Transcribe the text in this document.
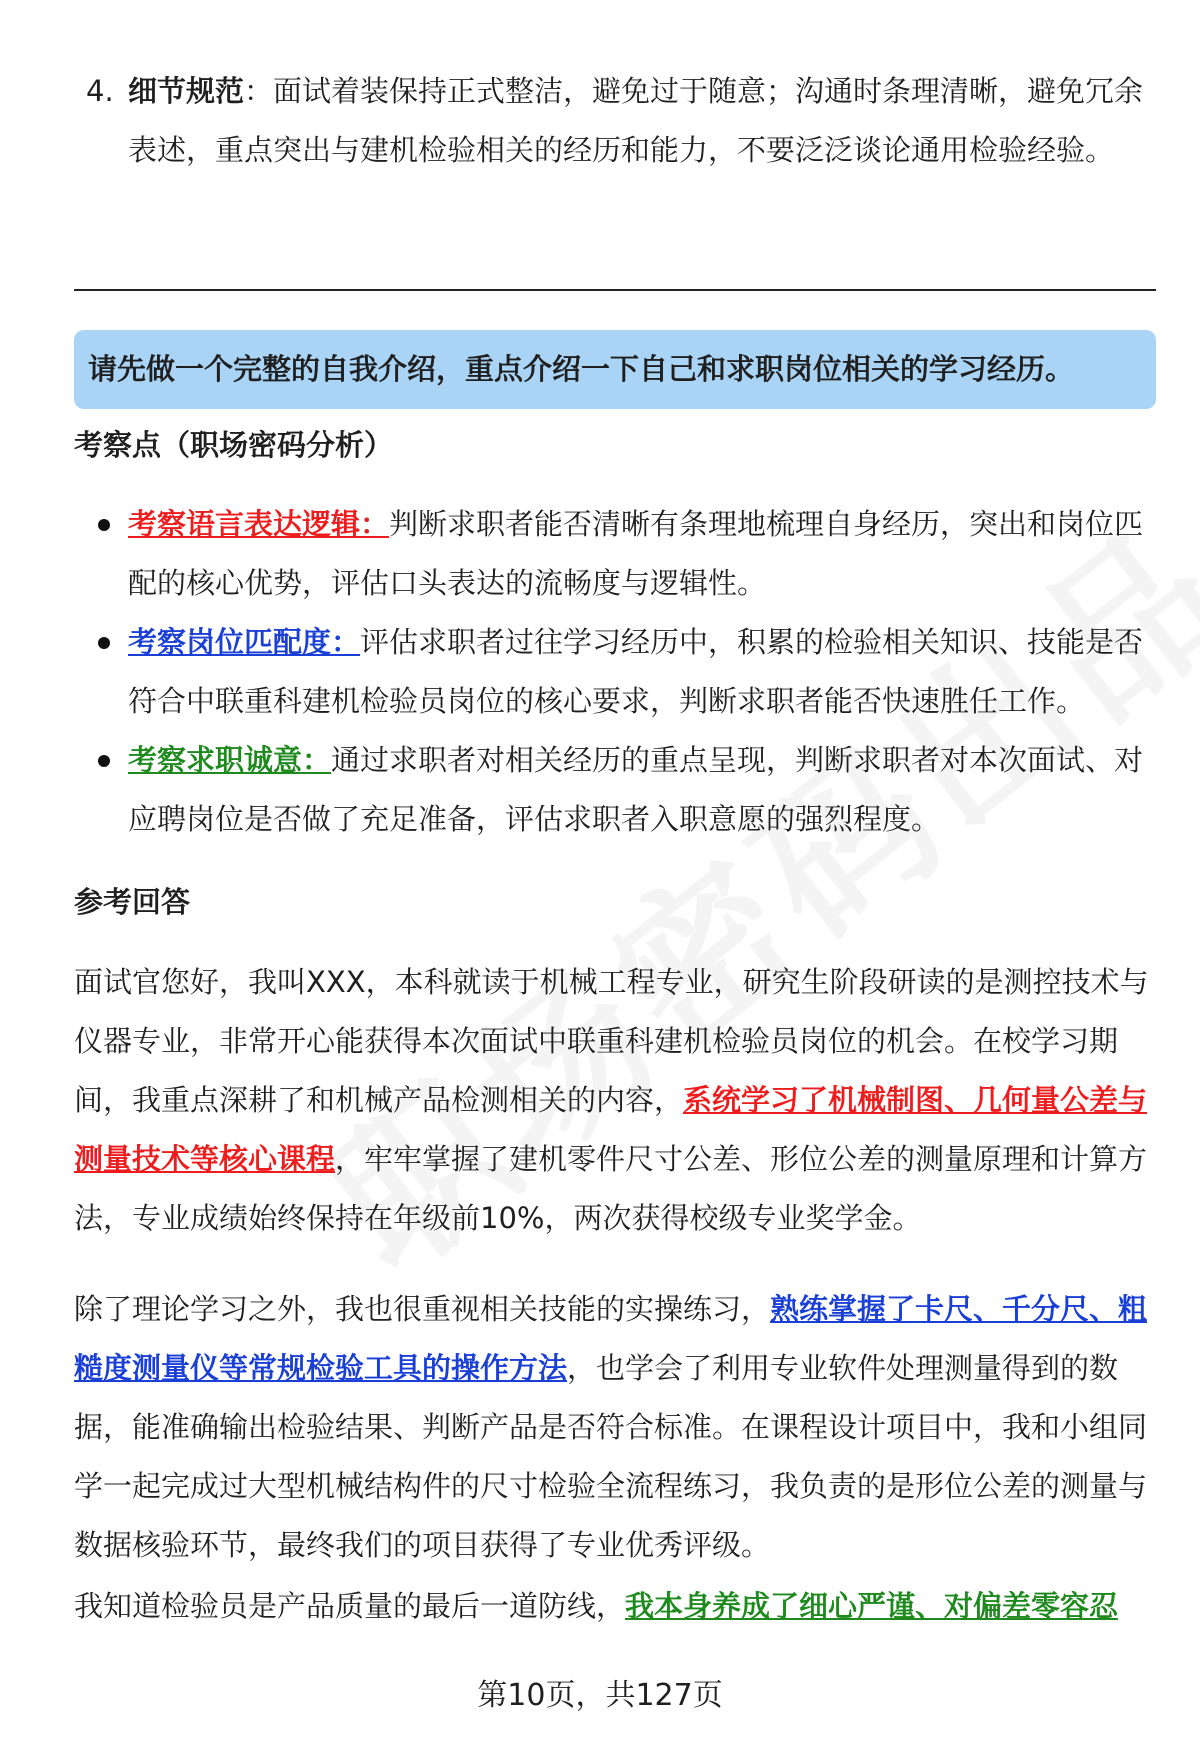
4. 细节规范：面试着装保持正式整洁，避免过于随意；沟通时条理清晰，避免冗余表述，重点突出与建机检验相关的经历和能力，不要泛泛谈论通用检验经验。
请先做一个完整的自我介绍，重点介绍一下自己和求职岗位相关的学习经历。
考察点（职场密码分析）
考察语言表达逻辑：判断求职者能否清晰有条理地梳理自身经历，突出和岗位匹配的核心优势，评估口头表达的流畅度与逻辑性。
考察岗位匹配度：评估求职者过往学习经历中，积累的检验相关知识、技能是否符合中联重科建机检验员岗位的核心要求，判断求职者能否快速胜任工作。
考察求职诚意：通过求职者对相关经历的重点呈现，判断求职者对本次面试、对应聘岗位是否做了充足准备，评估求职者入职意愿的强烈程度。
参考回答

面试官您好，我叫XXX，本科就读于机械工程专业，研究生阶段研读的是测控技术与仪器专业，非常开心能获得本次面试中联重科建机检验员岗位的机会。在校学习期间，我重点深耕了和机械产品检测相关的内容，系统学习了机械制图、几何量公差与测量技术等核心课程，牢牢掌握了建机零件尺寸公差、形位公差的测量原理和计算方法，专业成绩始终保持在年级前10%，两次获得校级专业奖学金。

除了理论学习之外，我也很重视相关技能的实操练习，熟练掌握了卡尺、千分尺、粗糙度测量仪等常规检验工具的操作方法，也学会了利用专业软件处理测量得到的数据，能准确输出检验结果、判断产品是否符合标准。在课程设计项目中，我和小组同学一起完成过大型机械结构件的尺寸检验全流程练习，我负责的是形位公差的测量与数据核验环节，最终我们的项目获得了专业优秀评级。

我知道检验员是产品质量的最后一道防线，我本身养成了细心严谨、对偏差零容忍

第10页，共127页
